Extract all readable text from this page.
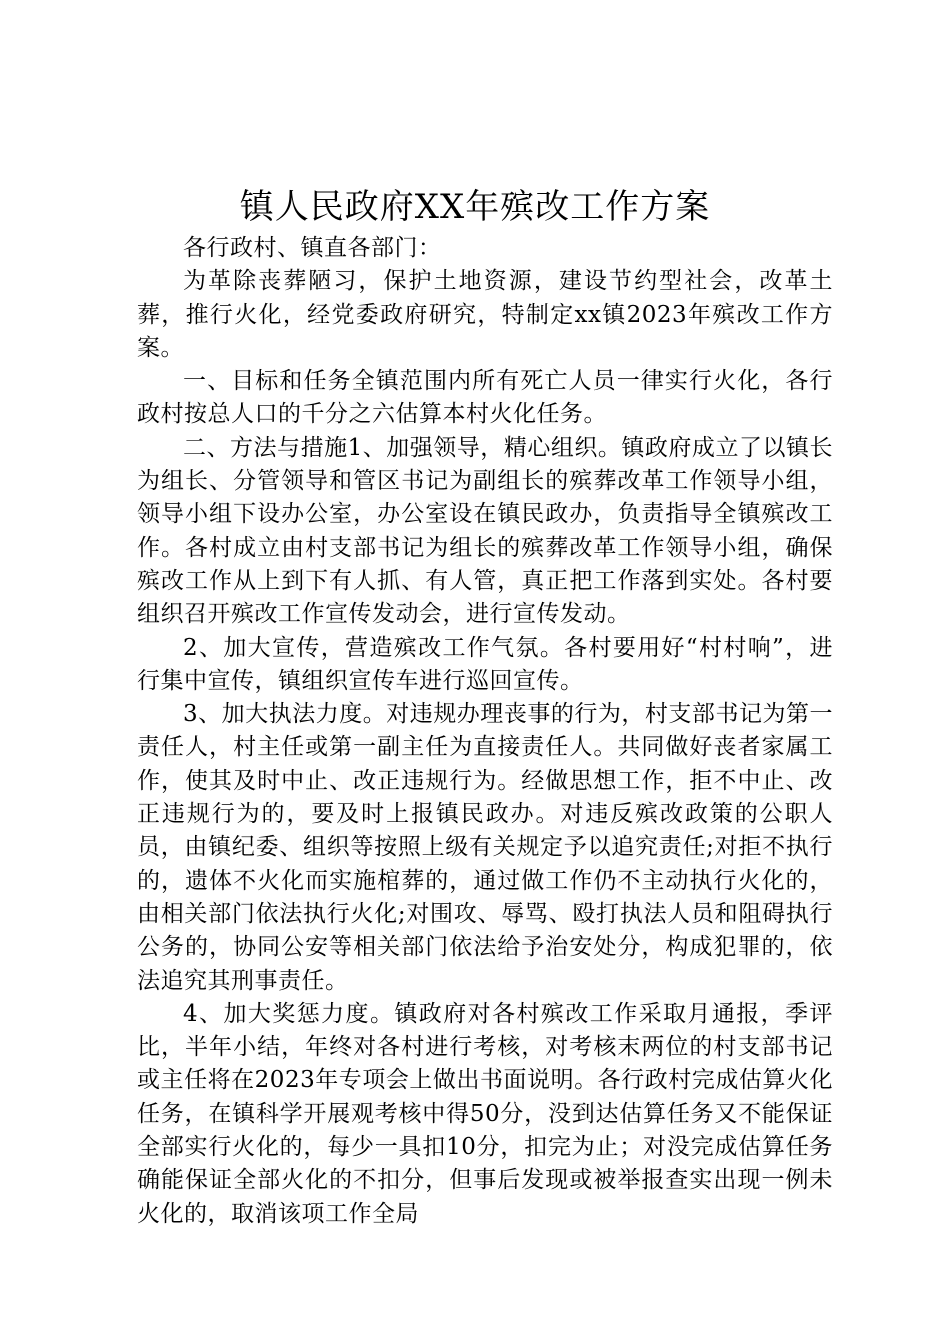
镇人民政府XX年殡改工作方案

各行政村、镇直各部门：

为革除丧葬陋习，保护土地资源，建设节约型社会，改革土葬，推行火化，经党委政府研究，特制定xx镇2023年殡改工作方案。

一、目标和任务全镇范围内所有死亡人员一律实行火化，各行政村按总人口的千分之六估算本村火化任务。

二、方法与措施1、加强领导，精心组织。镇政府成立了以镇长为组长、分管领导和管区书记为副组长的殡葬改革工作领导小组，领导小组下设办公室，办公室设在镇民政办，负责指导全镇殡改工作。各村成立由村支部书记为组长的殡葬改革工作领导小组，确保殡改工作从上到下有人抓、有人管，真正把工作落到实处。各村要组织召开殡改工作宣传发动会，进行宣传发动。

2、加大宣传，营造殡改工作气氛。各村要用好“村村响”，进行集中宣传，镇组织宣传车进行巡回宣传。

3、加大执法力度。对违规办理丧事的行为，村支部书记为第一责任人，村主任或第一副主任为直接责任人。共同做好丧者家属工作，使其及时中止、改正违规行为。经做思想工作，拒不中止、改正违规行为的，要及时上报镇民政办。对违反殡改政策的公职人员，由镇纪委、组织等按照上级有关规定予以追究责任;对拒不执行的，遗体不火化而实施棺葬的，通过做工作仍不主动执行火化的，由相关部门依法执行火化;对围攻、辱骂、殴打执法人员和阻碍执行公务的，协同公安等相关部门依法给予治安处分，构成犯罪的，依法追究其刑事责任。

4、加大奖惩力度。镇政府对各村殡改工作采取月通报，季评比，半年小结，年终对各村进行考核，对考核末两位的村支部书记或主任将在2023年专项会上做出书面说明。各行政村完成估算火化任务，在镇科学开展观考核中得50分，没到达估算任务又不能保证全部实行火化的，每少一具扣10分，扣完为止；对没完成估算任务确能保证全部火化的不扣分，但事后发现或被举报查实出现一例未火化的，取消该项工作全局
